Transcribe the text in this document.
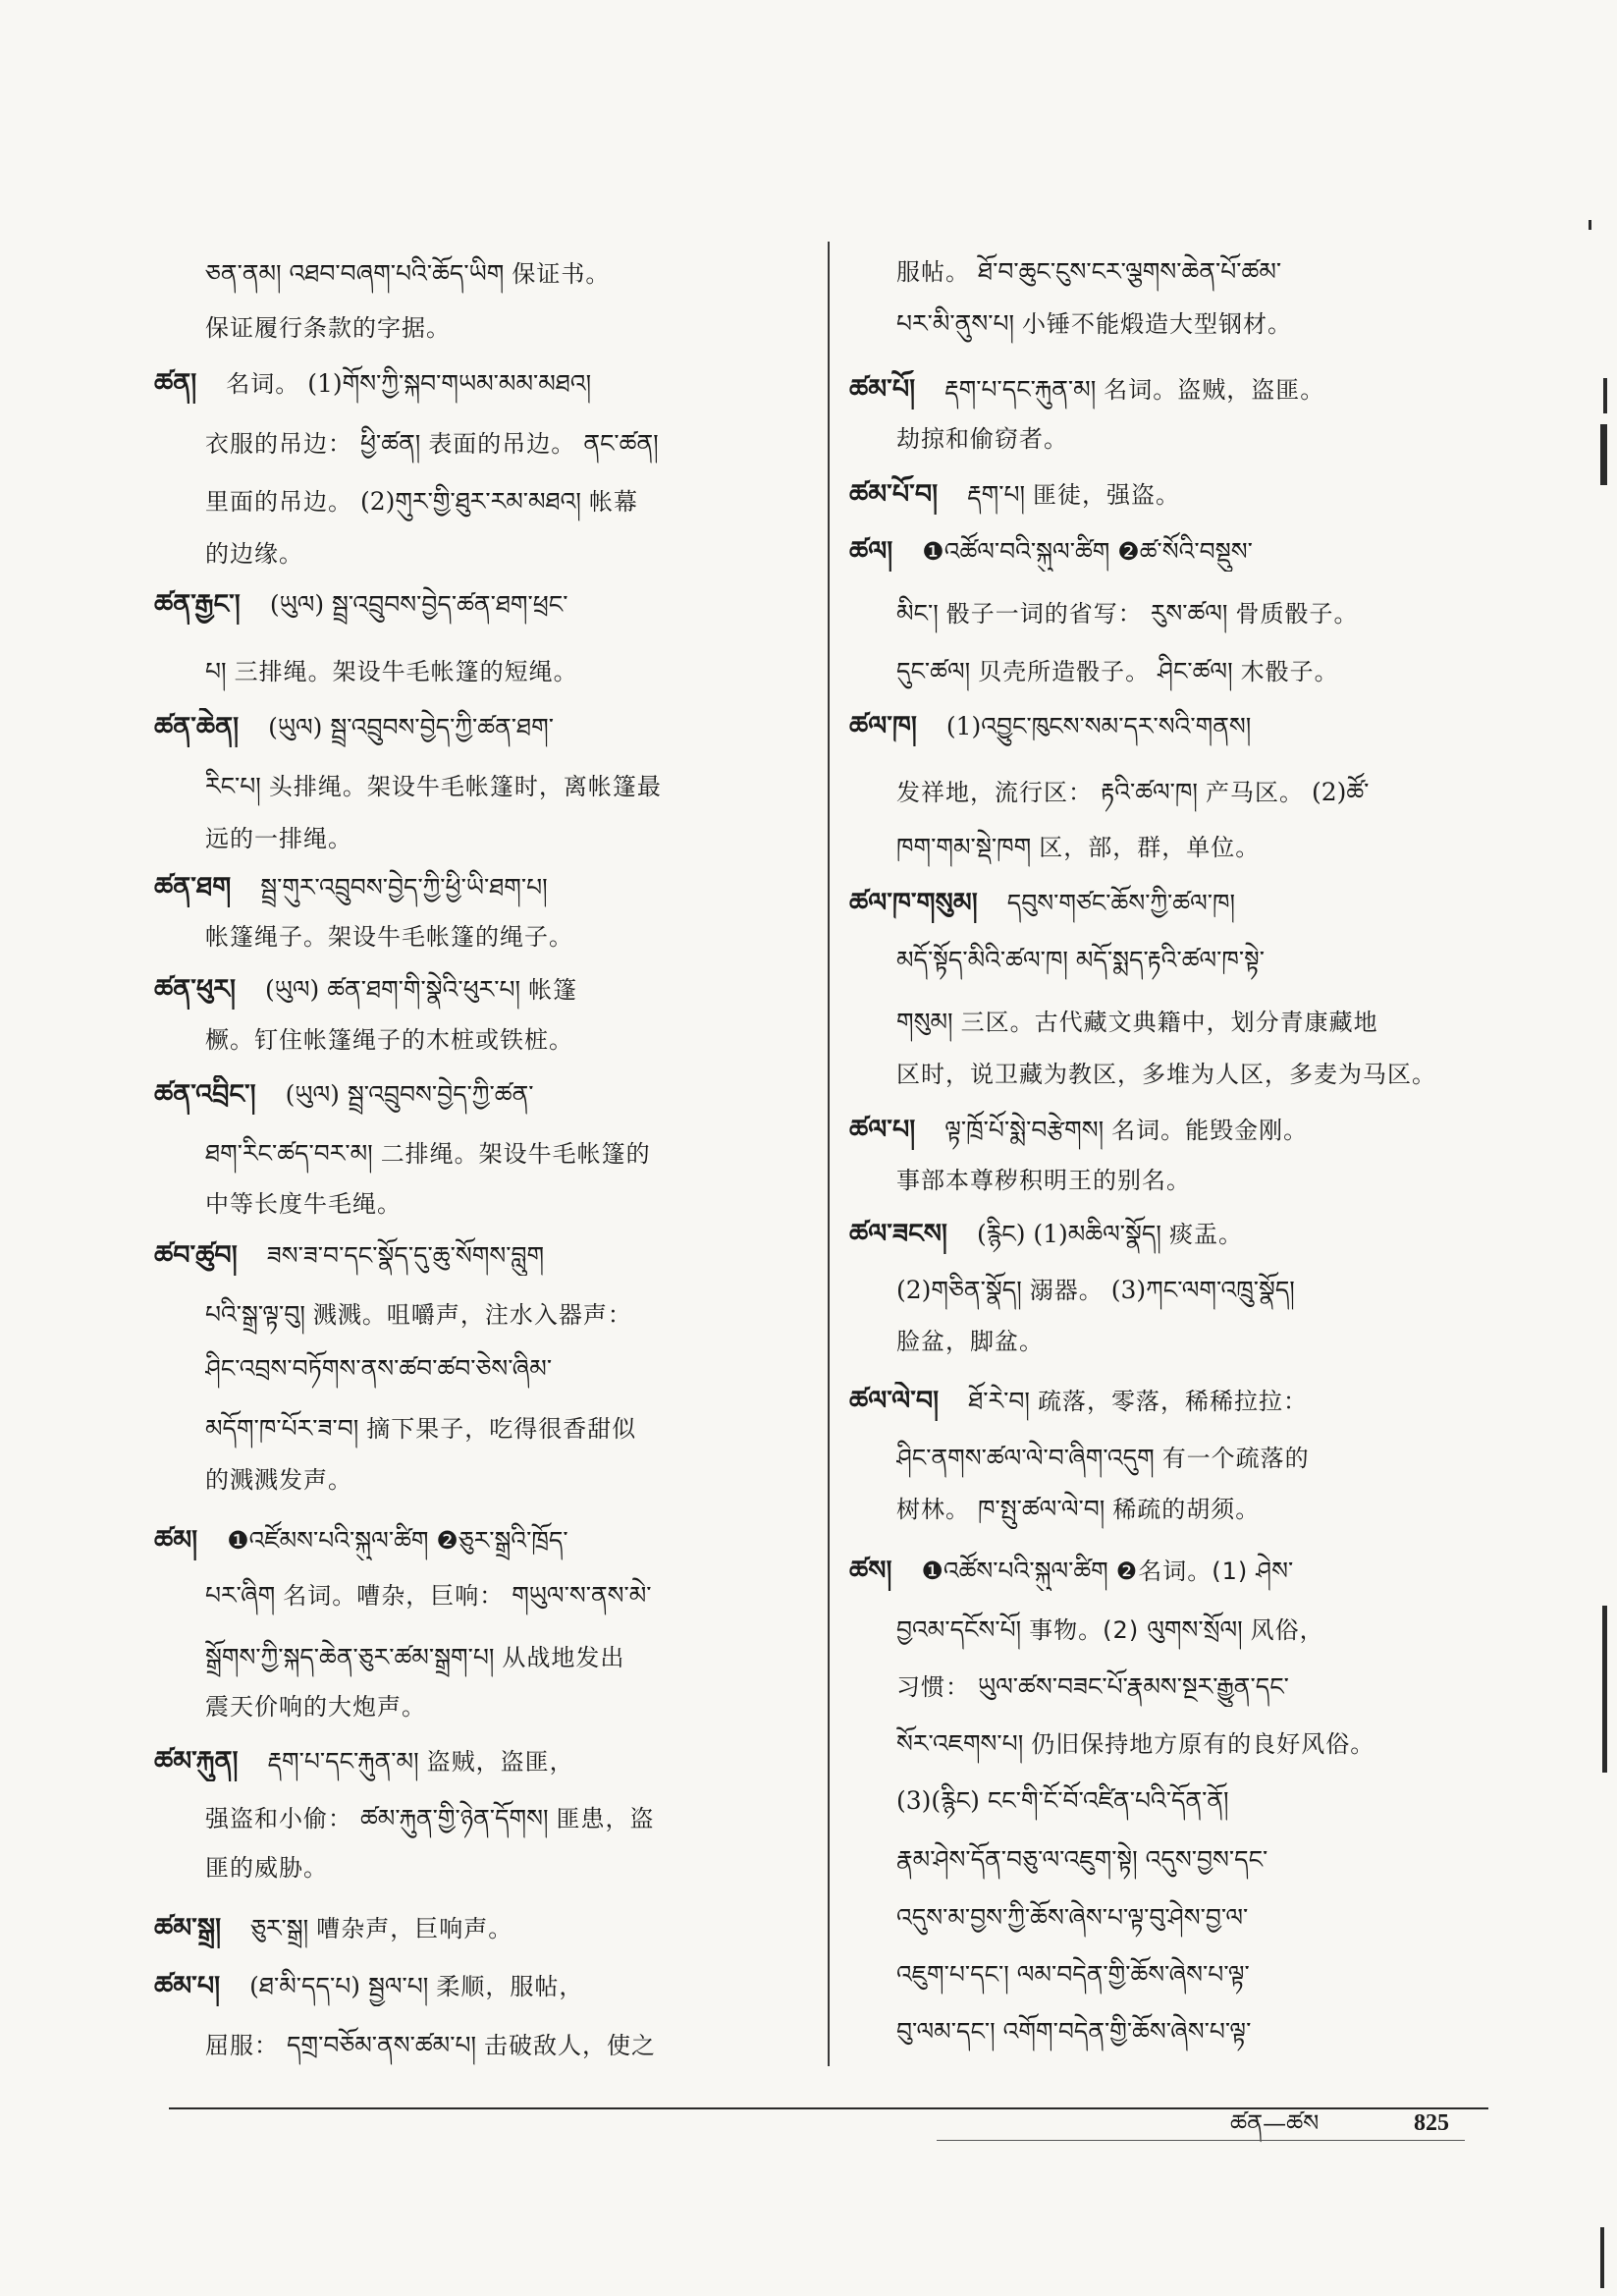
ཅན་ནམ། འཐབ་བཞག་པའི་ཆོད་ཡིག 保证书。
保证履行条款的字据。
ཚན། 名词。 (1)གོས་ཀྱི་སྐབ་གཡམ་མམ་མཐའ།
衣服的吊边： ཕྱི་ཚན། 表面的吊边。 ནང་ཚན།
里面的吊边。 (2)གུར་གྱི་ཐུར་རམ་མཐའ། 帐幕
的边缘。
ཚན་རྒྱང་། (ཡུལ) སྦྲ་འབྲུབས་བྱེད་ཚན་ཐག་ཕྲང་
པ། 三排绳。架设牛毛帐篷的短绳。
ཚན་ཆེན། (ཡུལ) སྦྲ་འབྲུབས་བྱེད་ཀྱི་ཚན་ཐག་
རིང་པ། 头排绳。架设牛毛帐篷时，离帐篷最
远的一排绳。
ཚན་ཐག སྦྲ་གུར་འབྲུབས་བྱེད་ཀྱི་ཕྱི་ཡི་ཐག་པ།
帐篷绳子。架设牛毛帐篷的绳子。
ཚན་ཕུར། (ཡུལ) ཚན་ཐག་གི་སྣེའི་ཕུར་པ། 帐篷
橛。钉住帐篷绳子的木桩或铁桩。
ཚན་འབྲིང་། (ཡུལ) སྦྲ་འབྲུབས་བྱེད་ཀྱི་ཚན་
ཐག་རིང་ཚད་བར་མ། 二排绳。架设牛毛帐篷的
中等长度牛毛绳。
ཚབ་ཚུབ། ཟས་ཟ་བ་དང་སྣོད་དུ་ཆུ་སོགས་བླུག
པའི་སྒྲ་ལྟ་བུ། 溅溅。咀嚼声，注水入器声：
ཤིང་འབྲས་བཏོགས་ནས་ཚབ་ཚབ་ཅེས་ཞིམ་
མདོག་ཁ་པོར་ཟ་བ། 摘下果子，吃得很香甜似
的溅溅发声。
ཚམ། ❶འཛོམས་པའི་སྐུལ་ཚིག ❷ཅུར་སྒྲའི་ཁྲོད་
པར་ཞིག 名词。嘈杂，巨响： གཡུལ་ས་ནས་མེ་
སྒྲོགས་ཀྱི་སྐད་ཆེན་ཅུར་ཚམ་སྒྲག་པ། 从战地发出
震天价响的大炮声。
ཚམ་རྐུན། རྡག་པ་དང་རྐུན་མ། 盗贼，盗匪，
强盗和小偷： ཚམ་རྐུན་གྱི་ཉེན་དོགས། 匪患，盗
匪的威胁。
ཚམ་སྒྲ། ཅུར་སྒྲ། 嘈杂声，巨响声。
ཚམ་པ། (ཐ་མི་དད་པ) སྦྱལ་པ། 柔顺，服帖，
屈服： དགྲ་བཅོམ་ནས་ཚམ་པ། 击破敌人，使之
服帖。 ཐོ་བ་ཆུང་ངུས་ངར་ལྕགས་ཆེན་པོ་ཚམ་
པར་མི་ནུས་པ། 小锤不能煅造大型钢材。
ཚམ་པོ། རྡག་པ་དང་རྐུན་མ། 名词。盗贼，盗匪。
劫掠和偷窃者。
ཚམ་པོ་བ། རྡག་པ། 匪徒，强盗。
ཚལ། ❶འཚོལ་བའི་སྐུལ་ཚིག ❷ཚ་སོའི་བསྡུས་
མིང་། 骰子一词的省写： རུས་ཚལ། 骨质骰子。
དུང་ཚལ། 贝壳所造骰子。 ཤིང་ཚལ། 木骰子。
ཚལ་ཁ། (1)འབྱུང་ཁུངས་སམ་དར་སའི་གནས།
发祥地，流行区： རྟའི་ཚལ་ཁ། 产马区。 (2)ཚོ་
ཁག་གམ་སྡེ་ཁག 区，部，群，单位。
ཚལ་ཁ་གསུམ། དབུས་གཙང་ཆོས་ཀྱི་ཚལ་ཁ།
མདོ་སྟོད་མིའི་ཚལ་ཁ། མདོ་སྨད་རྟའི་ཚལ་ཁ་སྟེ་
གསུམ། 三区。古代藏文典籍中，划分青康藏地
区时，说卫藏为教区，多堆为人区，多麦为马区。
ཚལ་པ། ལྟ་ཁྲོ་པོ་སྨེ་བརྩེགས། 名词。能毁金刚。
事部本尊秽积明王的别名。
ཚལ་ཟངས། (རྙིང) (1)མཆིལ་སྣོད། 痰盂。
(2)གཅིན་སྣོད། 溺器。 (3)ཀང་ལག་འཁྲུ་སྣོད།
脸盆，脚盆。
ཚལ་ལེ་བ། ཐོ་རེ་བ། 疏落，零落，稀稀拉拉：
ཤིང་ནགས་ཚལ་ལེ་བ་ཞིག་འདུག 有一个疏落的
树林。 ཁ་སྤུ་ཚལ་ལེ་བ། 稀疏的胡须。
ཚས། ❶འཚོས་པའི་སྐུལ་ཚིག ❷名词。(1) ཤེས་
བྱའམ་དངོས་པོ། 事物。(2) ལུགས་སྲོལ། 风俗，
习惯： ཡུལ་ཚས་བཟང་པོ་རྣམས་སྔར་རྒྱུན་དང་
སོར་འཇགས་པ། 仍旧保持地方原有的良好风俗。
(3)(རྙིང) ངང་གི་ངོ་བོ་འཛིན་པའི་དོན་ནོ།
རྣམ་ཤེས་དོན་བཅུ་ལ་འཇུག་སྟེ། འདུས་བྱས་དང་
འདུས་མ་བྱས་ཀྱི་ཆོས་ཞེས་པ་ལྟ་བུ་ཤེས་བྱ་ལ་
འཇུག་པ་དང་། ལམ་བདེན་གྱི་ཆོས་ཞེས་པ་ལྟ་
བུ་ལམ་དང་། འགོག་བདེན་གྱི་ཆོས་ཞེས་པ་ལྟ་
ཚན—ཚས	825
